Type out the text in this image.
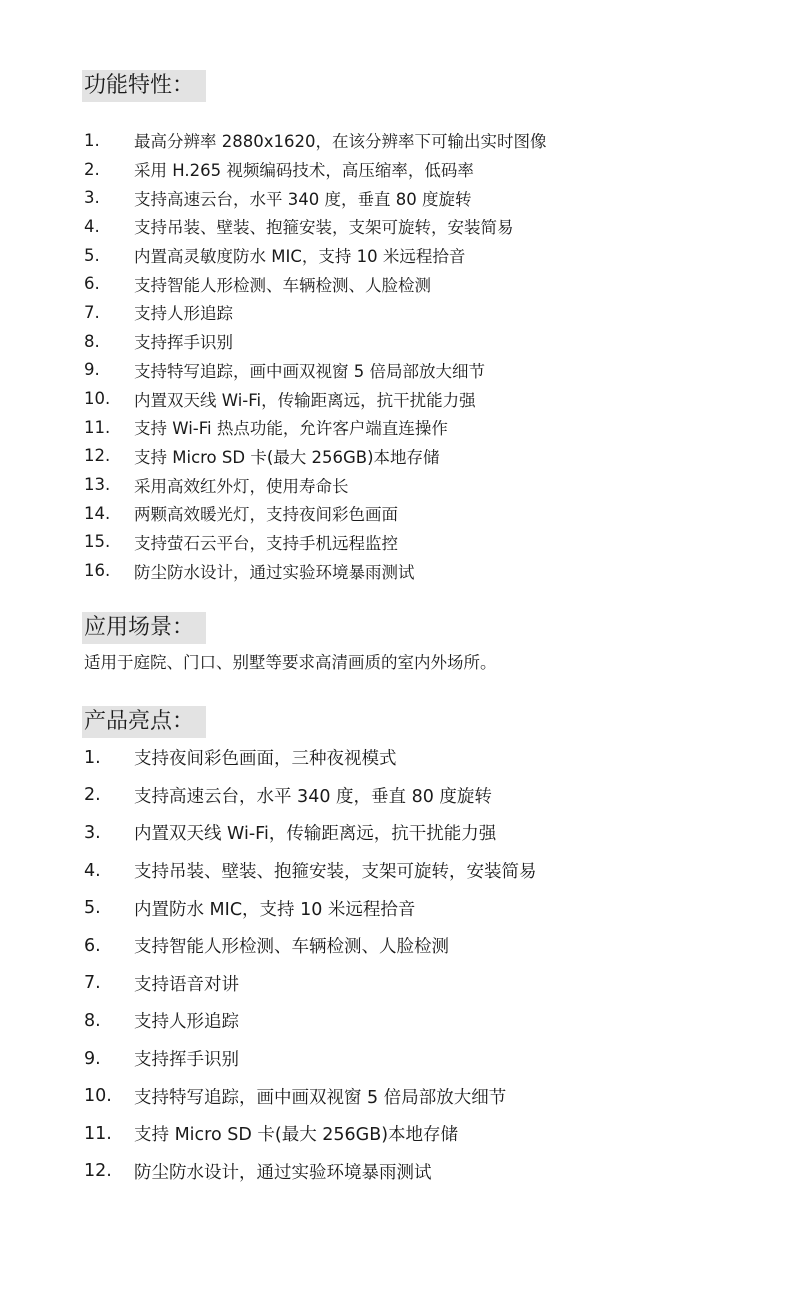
功能特性：
1.	最高分辨率 2880x1620，在该分辨率下可输出实时图像
2.	采用 H.265 视频编码技术，高压缩率，低码率
3.	支持高速云台，水平 340 度，垂直 80 度旋转
4.	支持吊装、壁装、抱箍安装，支架可旋转，安装简易
5.	内置高灵敏度防水 MIC，支持 10 米远程拾音
6.	支持智能人形检测、车辆检测、人脸检测
7.	支持人形追踪
8.	支持挥手识别
9.	支持特写追踪，画中画双视窗 5 倍局部放大细节
10.	内置双天线 Wi-Fi，传输距离远，抗干扰能力强
11.	支持 Wi-Fi 热点功能，允许客户端直连操作
12.	支持 Micro SD 卡(最大 256GB)本地存储
13.	采用高效红外灯，使用寿命长
14.	两颗高效暖光灯，支持夜间彩色画面
15.	支持萤石云平台，支持手机远程监控
16.	防尘防水设计，通过实验环境暴雨测试
应用场景：

适用于庭院、门口、别墅等要求高清画质的室内外场所。

产品亮点：
1.	支持夜间彩色画面，三种夜视模式
2.	支持高速云台，水平 340 度，垂直 80 度旋转
3.	内置双天线 Wi-Fi，传输距离远，抗干扰能力强
4.	支持吊装、壁装、抱箍安装，支架可旋转，安装简易
5.	内置防水 MIC，支持 10 米远程拾音
6.	支持智能人形检测、车辆检测、人脸检测
7.	支持语音对讲
8.	支持人形追踪
9.	支持挥手识别
10.	支持特写追踪，画中画双视窗 5 倍局部放大细节
11.	支持 Micro SD 卡(最大 256GB)本地存储
12.	防尘防水设计，通过实验环境暴雨测试
